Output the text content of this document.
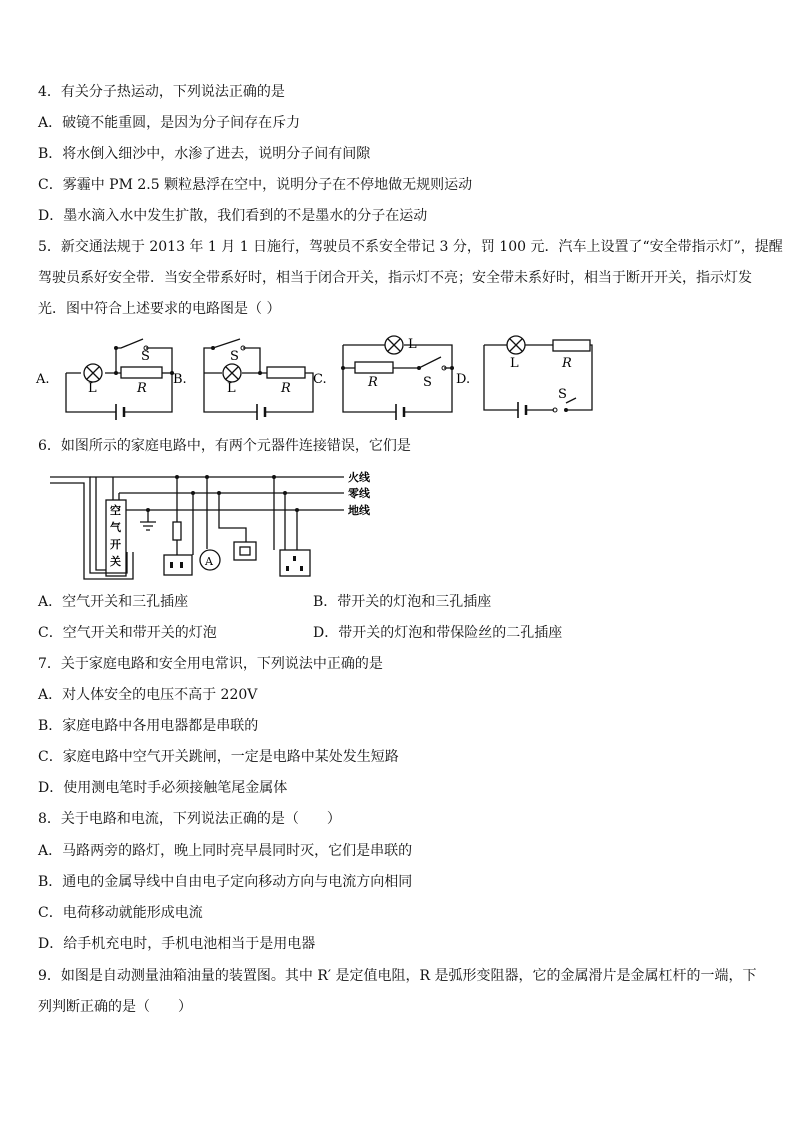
4．有关分子热运动，下列说法正确的是
A．破镜不能重圆，是因为分子间存在斥力
B．将水倒入细沙中，水渗了进去，说明分子间有间隙
C．雾霾中 PM 2.5 颗粒悬浮在空中，说明分子在不停地做无规则运动
D．墨水滴入水中发生扩散，我们看到的不是墨水的分子在运动
5．新交通法规于 2013 年 1 月 1 日施行，驾驶员不系安全带记 3 分，罚 100 元．汽车上设置了“安全带指示灯”，提醒
驾驶员系好安全带．当安全带系好时，相当于闭合开关，指示灯不亮；安全带未系好时，相当于断开开关，指示灯发
光．图中符合上述要求的电路图是（ ）
A.
S
L	R
B.
S
L	R
C.
L
R	S D.
L	R
S
6．如图所示的家庭电路中，有两个元器件连接错误，它们是
A
空
气
开
关
火线
零线
地线
A．空气开关和三孔插座	B．带开关的灯泡和三孔插座
C．空气开关和带开关的灯泡	D．带开关的灯泡和带保险丝的二孔插座
7．关于家庭电路和安全用电常识，下列说法中正确的是
A．对人体安全的电压不高于 220V
B．家庭电路中各用电器都是串联的
C．家庭电路中空气开关跳闸，一定是电路中某处发生短路
D．使用测电笔时手必须接触笔尾金属体
8．关于电路和电流，下列说法正确的是（　　）
A．马路两旁的路灯，晚上同时亮早晨同时灭，它们是串联的
B．通电的金属导线中自由电子定向移动方向与电流方向相同
C．电荷移动就能形成电流
D．给手机充电时，手机电池相当于是用电器
9．如图是自动测量油箱油量的装置图。其中 R′ 是定值电阻，R 是弧形变阻器，它的金属滑片是金属杠杆的一端，下
列判断正确的是（　　）
